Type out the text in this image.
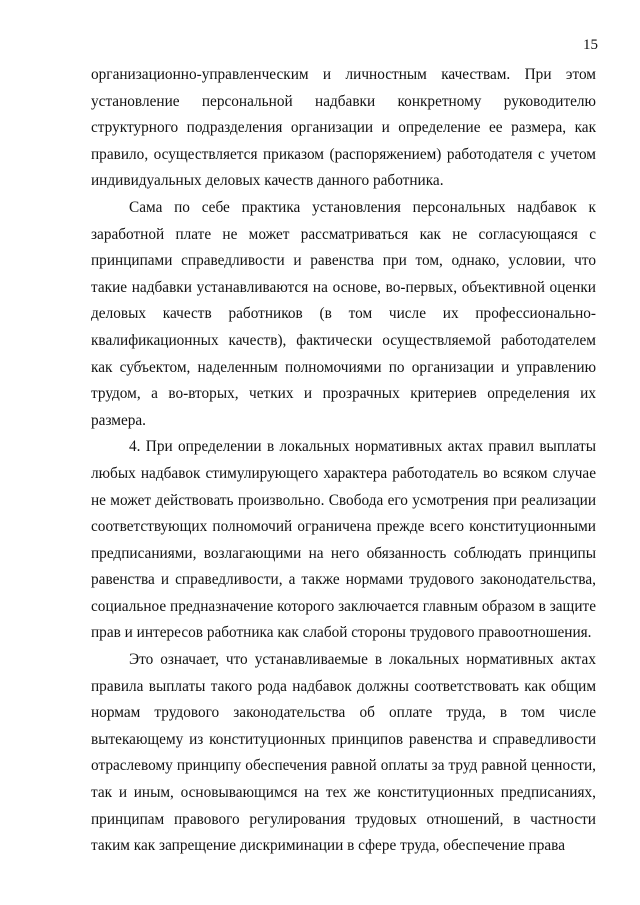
15

организационно-управленческим и личностным качествам. При этом установление персональной надбавки конкретному руководителю структурного подразделения организации и определение ее размера, как правило, осуществляется приказом (распоряжением) работодателя с учетом индивидуальных деловых качеств данного работника.

Сама по себе практика установления персональных надбавок к заработной плате не может рассматриваться как не согласующаяся с принципами справедливости и равенства при том, однако, условии, что такие надбавки устанавливаются на основе, во-первых, объективной оценки деловых качеств работников (в том числе их профессионально-квалификационных качеств), фактически осуществляемой работодателем как субъектом, наделенным полномочиями по организации и управлению трудом, а во-вторых, четких и прозрачных критериев определения их размера.

4. При определении в локальных нормативных актах правил выплаты любых надбавок стимулирующего характера работодатель во всяком случае не может действовать произвольно. Свобода его усмотрения при реализации соответствующих полномочий ограничена прежде всего конституционными предписаниями, возлагающими на него обязанность соблюдать принципы равенства и справедливости, а также нормами трудового законодательства, социальное предназначение которого заключается главным образом в защите прав и интересов работника как слабой стороны трудового правоотношения.

Это означает, что устанавливаемые в локальных нормативных актах правила выплаты такого рода надбавок должны соответствовать как общим нормам трудового законодательства об оплате труда, в том числе вытекающему из конституционных принципов равенства и справедливости отраслевому принципу обеспечения равной оплаты за труд равной ценности, так и иным, основывающимся на тех же конституционных предписаниях, принципам правового регулирования трудовых отношений, в частности таким как запрещение дискриминации в сфере труда, обеспечение права
